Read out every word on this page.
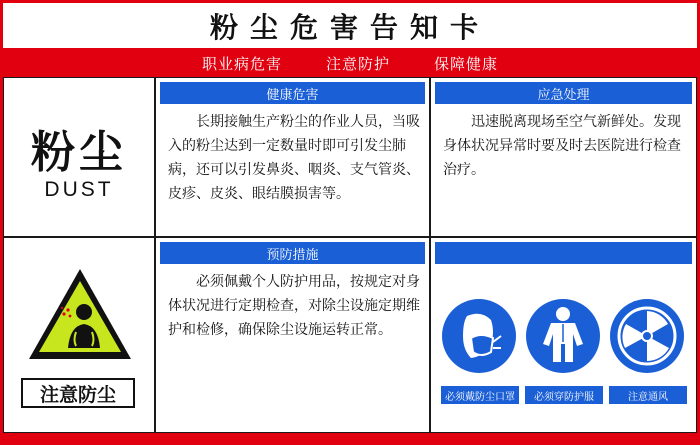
粉尘危害告知卡
职业病危害	注意防护	保障健康
粉尘
DUST
健康危害
长期接触生产粉尘的作业人员，当吸入的粉尘达到一定数量时即可引发尘肺病，还可以引发鼻炎、咽炎、支气管炎、皮疹、皮炎、眼结膜损害等。
应急处理
迅速脱离现场至空气新鲜处。发现身体状况异常时要及时去医院进行检查治疗。
注意防尘
预防措施
必须佩戴个人防护用品，按规定对身体状况进行定期检查，对除尘设施定期维护和检修，确保除尘设施运转正常。
必须戴防尘口罩	必须穿防护服	注意通风
